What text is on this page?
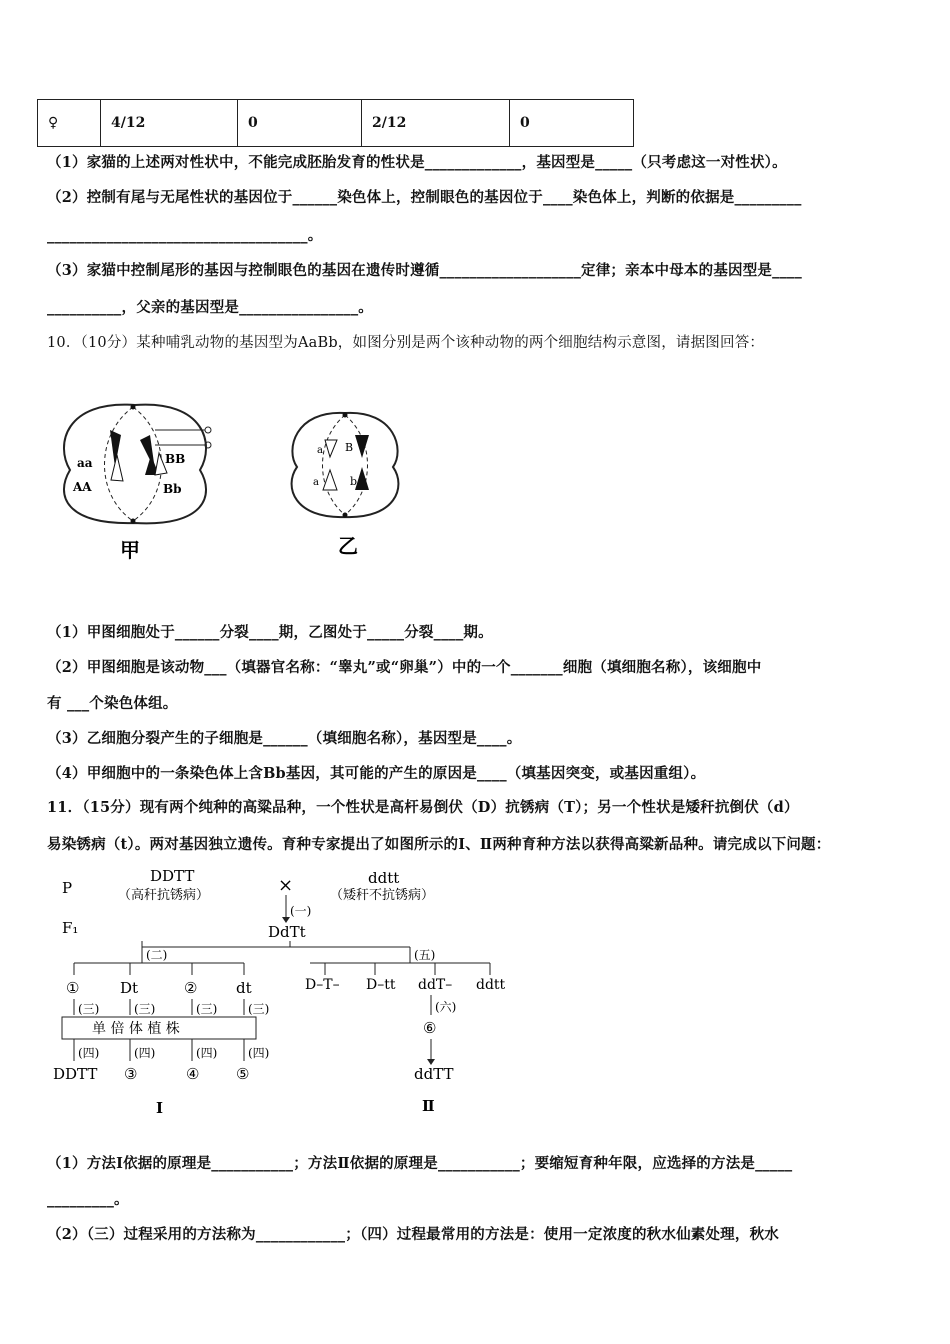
♀	4/12	0	2/12	0
（1）家猫的上述两对性状中，不能完成胚胎发育的性状是_____________，基因型是_____（只考虑这一对性状）。
（2）控制有尾与无尾性状的基因位于______染色体上，控制眼色的基因位于____染色体上，判断的依据是_________
___________________________________。
（3）家猫中控制尾形的基因与控制眼色的基因在遗传时遵循___________________定律；亲本中母本的基因型是____
__________，父亲的基因型是________________。
10．（10分）某种哺乳动物的基因型为AaBb，如图分别是两个该种动物的两个细胞结构示意图，请据图回答：
aa
AA
BB
Bb
甲
a
a
B
b
乙
（1）甲图细胞处于______分裂____期，乙图处于_____分裂____期。
（2）甲图细胞是该动物___（填器官名称：“睾丸”或“卵巢”）中的一个_______细胞（填细胞名称），该细胞中
有 ___个染色体组。
（3）乙细胞分裂产生的子细胞是______（填细胞名称），基因型是____。
（4）甲细胞中的一条染色体上含Bb基因，其可能的产生的原因是____（填基因突变，或基因重组）。
11．（15分）现有两个纯种的高粱品种，一个性状是高杆易倒伏（D）抗锈病（T）；另一个性状是矮秆抗倒伏（d）
易染锈病（t）。两对基因独立遗传。育种专家提出了如图所示的Ⅰ、Ⅱ两种育种方法以获得高粱新品种。请完成以下问题：
P
F₁
DDTT
（高秆抗锈病）	×	ddtt
（矮秆不抗锈病）
(一)
DdTt
(二)
①	Dt	②	dt
(三)	(三)	(三)	(三)
单 倍 体 植 株
(四)	(四)	(四)	(四)
DDTT ③	④ ⑤
Ⅰ
(五)
D–T– D–tt ddT– ddtt
(六)
⑥
ddTT
Ⅱ
（1）方法Ⅰ依据的原理是___________；方法Ⅱ依据的原理是___________；要缩短育种年限，应选择的方法是_____
_________。
（2）（三）过程采用的方法称为____________；（四）过程最常用的方法是：使用一定浓度的秋水仙素处理，秋水
